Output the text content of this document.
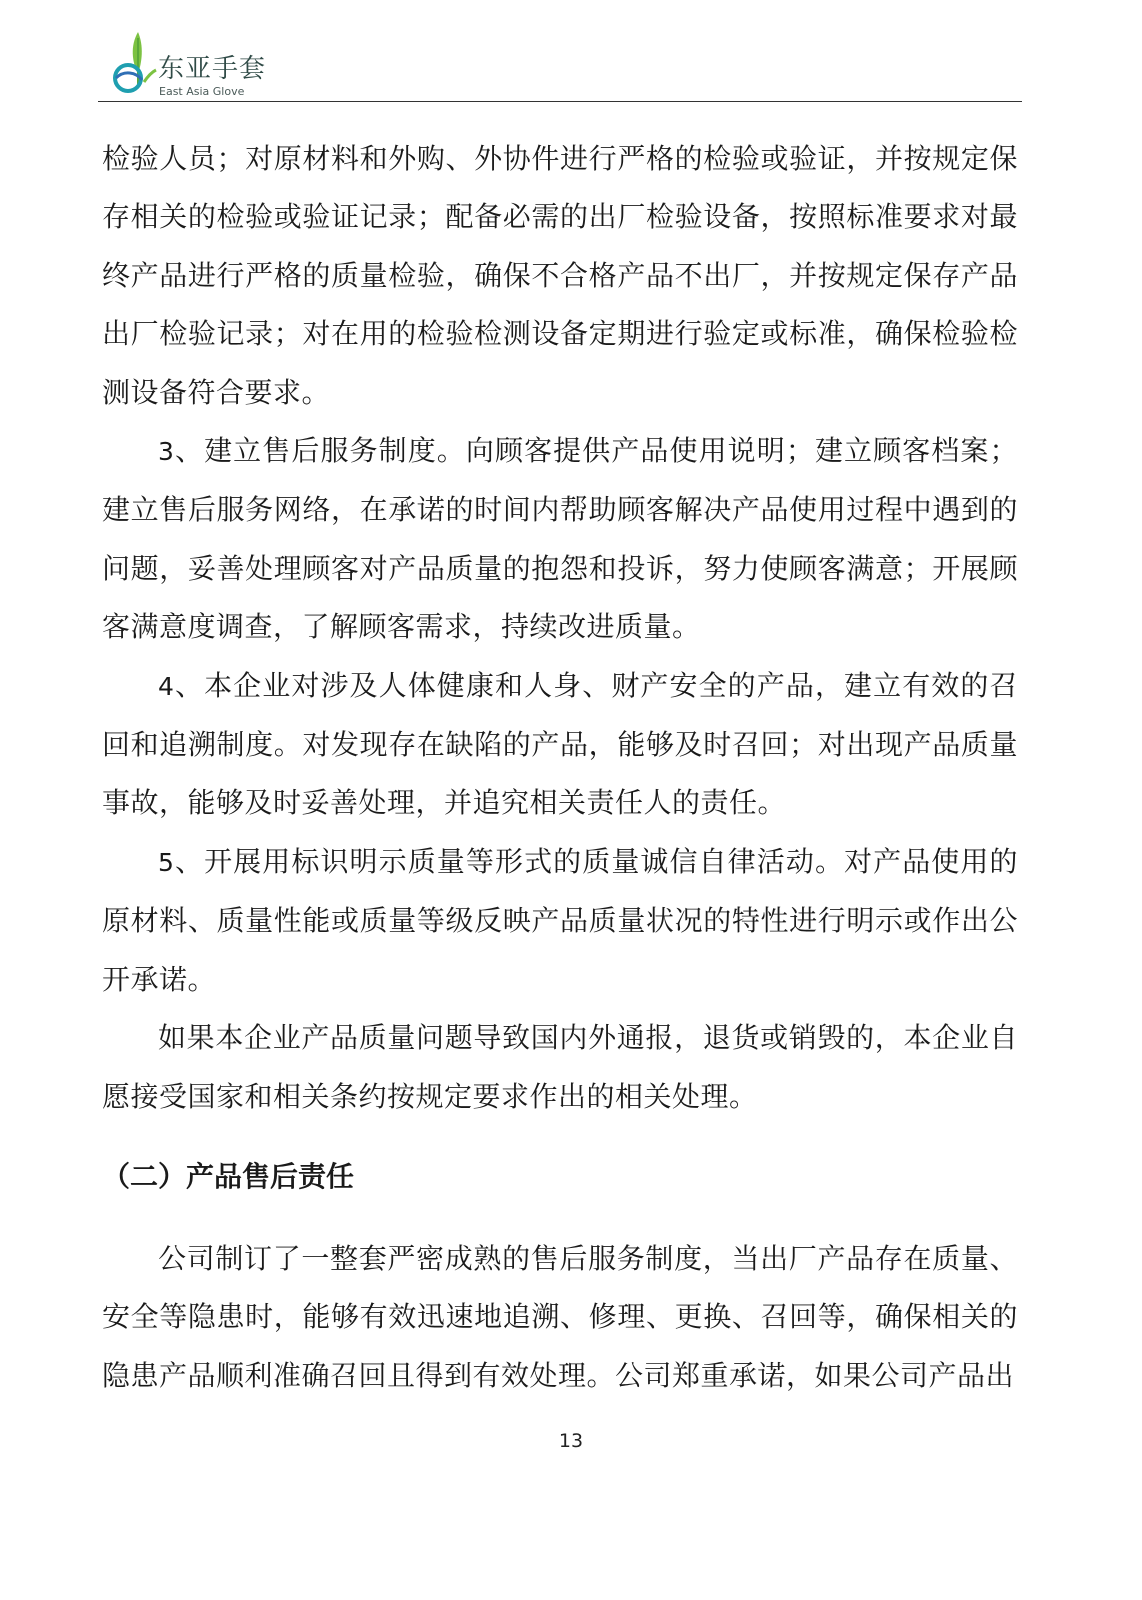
东亚手套
East Asia Glove

检验人员；对原材料和外购、外协件进行严格的检验或验证，并按规定保存相关的检验或验证记录；配备必需的出厂检验设备，按照标准要求对最终产品进行严格的质量检验，确保不合格产品不出厂，并按规定保存产品出厂检验记录；对在用的检验检测设备定期进行验定或标准，确保检验检测设备符合要求。

3、建立售后服务制度。向顾客提供产品使用说明；建立顾客档案；建立售后服务网络，在承诺的时间内帮助顾客解决产品使用过程中遇到的问题，妥善处理顾客对产品质量的抱怨和投诉，努力使顾客满意；开展顾客满意度调查，了解顾客需求，持续改进质量。

4、本企业对涉及人体健康和人身、财产安全的产品，建立有效的召回和追溯制度。对发现存在缺陷的产品，能够及时召回；对出现产品质量事故，能够及时妥善处理，并追究相关责任人的责任。

5、开展用标识明示质量等形式的质量诚信自律活动。对产品使用的原材料、质量性能或质量等级反映产品质量状况的特性进行明示或作出公开承诺。

如果本企业产品质量问题导致国内外通报，退货或销毁的，本企业自愿接受国家和相关条约按规定要求作出的相关处理。

（二）产品售后责任

公司制订了一整套严密成熟的售后服务制度，当出厂产品存在质量、安全等隐患时，能够有效迅速地追溯、修理、更换、召回等，确保相关的隐患产品顺利准确召回且得到有效处理。公司郑重承诺，如果公司产品出

13
